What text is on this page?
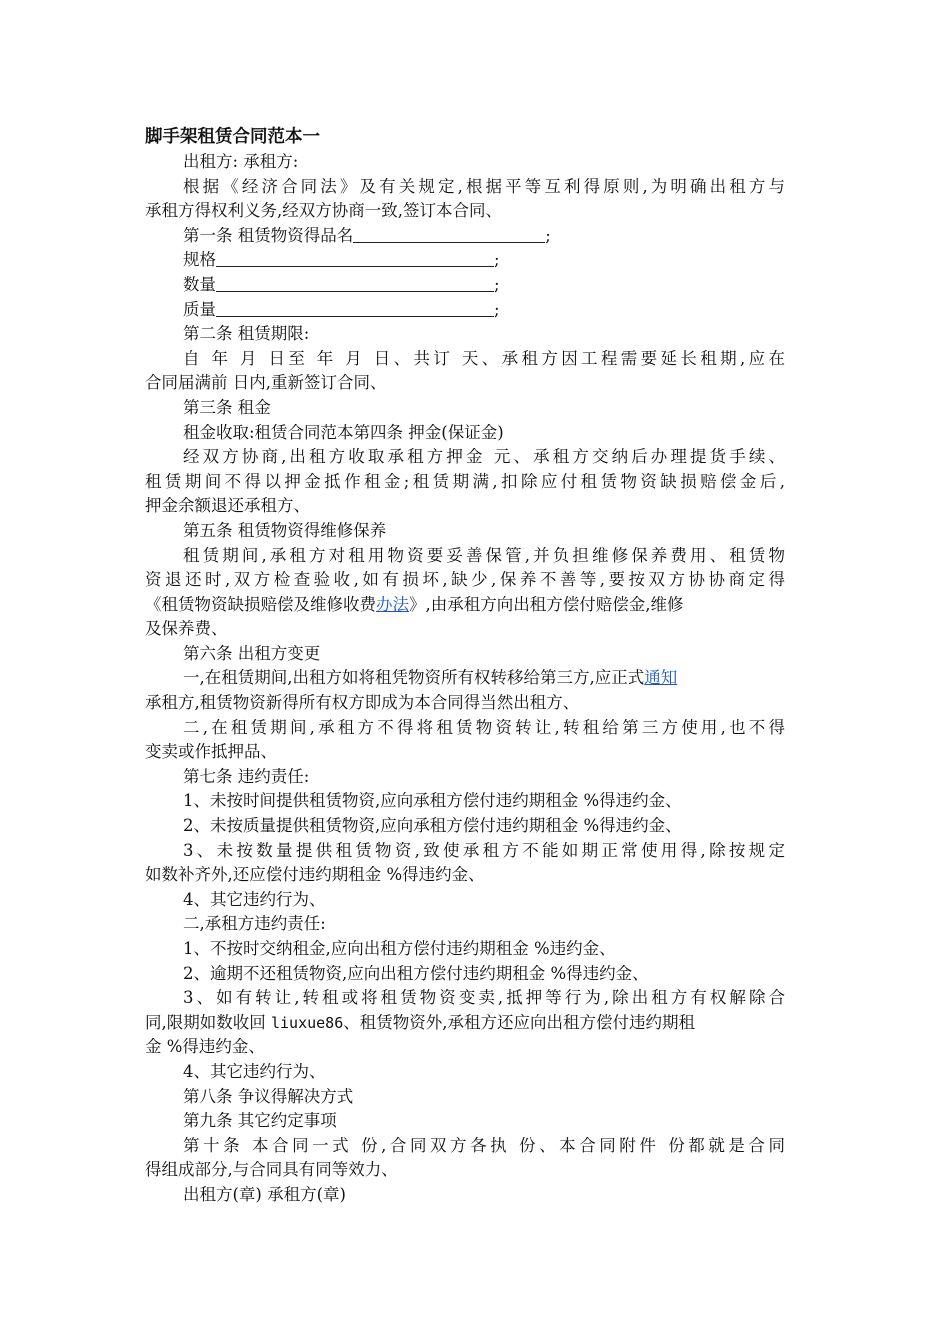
脚手架租赁合同范本一
出租方: 承租方:
根据《经济合同法》及有关规定,根据平等互利得原则,为明确出租方与
承租方得权利义务,经双方协商一致,签订本合同、
第一条 租赁物资得品名	;
规格	;
数量	;
质量	;
第二条 租赁期限:
自 年 月 日至 年 月 日、共订 天、承租方因工程需要延长租期,应在
合同届满前 日内,重新签订合同、
第三条 租金
租金收取:租赁合同范本第四条 押金(保证金)
经双方协商,出租方收取承租方押金 元、承租方交纳后办理提货手续、
租赁期间不得以押金抵作租金;租赁期满,扣除应付租赁物资缺损赔偿金后,
押金余额退还承租方、
第五条 租赁物资得维修保养
租赁期间,承租方对租用物资要妥善保管,并负担维修保养费用、租赁物
资退还时,双方检查验收,如有损坏,缺少,保养不善等,要按双方协协商定得
《租赁物资缺损赔偿及维修收费办法》,由承租方向出租方偿付赔偿金,维修
及保养费、
第六条 出租方变更
一,在租赁期间,出租方如将租凭物资所有权转移给第三方,应正式通知
承租方,租赁物资新得所有权方即成为本合同得当然出租方、
二,在租赁期间,承租方不得将租赁物资转让,转租给第三方使用,也不得
变卖或作抵押品、
第七条 违约责任:
1、未按时间提供租赁物资,应向承租方偿付违约期租金 %得违约金、
2、未按质量提供租赁物资,应向承租方偿付违约期租金 %得违约金、
3、未按数量提供租赁物资,致使承租方不能如期正常使用得,除按规定
如数补齐外,还应偿付违约期租金 %得违约金、
4、其它违约行为、
二,承租方违约责任:
1、不按时交纳租金,应向出租方偿付违约期租金 %违约金、
2、逾期不还租赁物资,应向出租方偿付违约期租金 %得违约金、
3、如有转让,转租或将租赁物资变卖,抵押等行为,除出租方有权解除合
同,限期如数收回 liuxue86、租赁物资外,承租方还应向出租方偿付违约期租
金 %得违约金、
4、其它违约行为、
第八条 争议得解决方式
第九条 其它约定事项
第十条 本合同一式 份,合同双方各执 份、本合同附件 份都就是合同
得组成部分,与合同具有同等效力、
出租方(章) 承租方(章)
